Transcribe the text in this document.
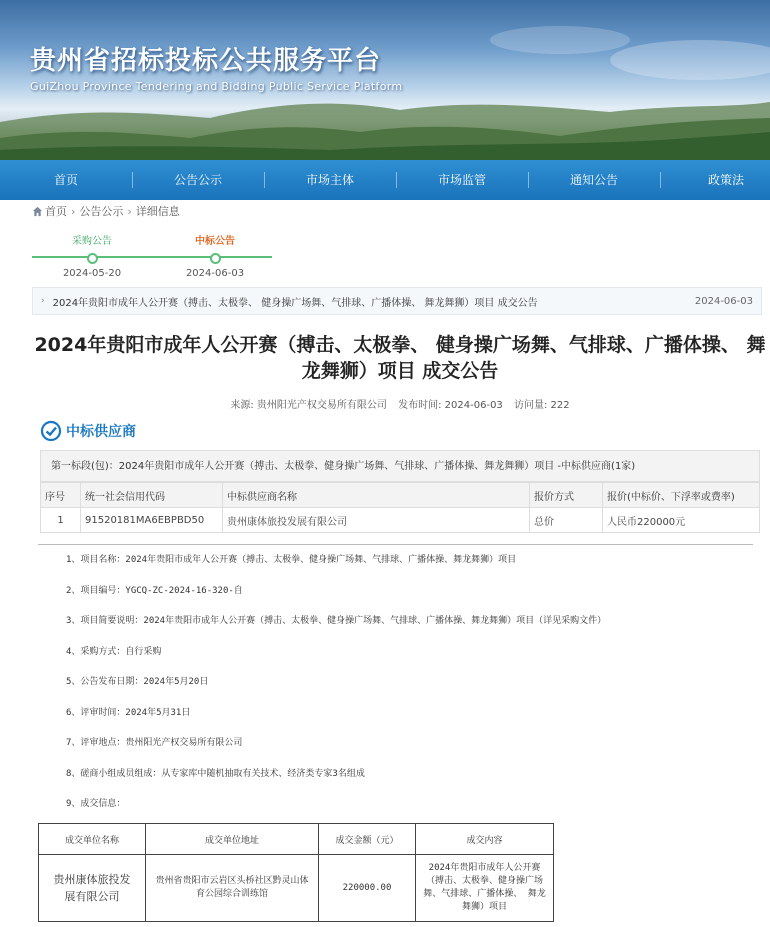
贵州省招标投标公共服务平台
GuiZhou Province Tendering and Bidding Public Service Platform
首页	公告公示	市场主体	市场监管	通知公告	政策法
首页 › 公告公示 › 详细信息
采购公告
2024-05-20
中标公告
2024-06-03
› 2024年贵阳市成年人公开赛（搏击、太极拳、 健身操广场舞、气排球、广播体操、 舞龙舞狮）项目 成交公告	2024-06-03
2024年贵阳市成年人公开赛（搏击、太极拳、 健身操广场舞、气排球、广播体操、 舞龙舞狮）项目 成交公告
来源: 贵州阳光产权交易所有限公司 发布时间: 2024-06-03 访问量: 222
中标供应商
第一标段(包)：2024年贵阳市成年人公开赛（搏击、太极拳、健身操广场舞、气排球、广播体操、舞龙舞狮）项目 -中标供应商(1家)
序号	统一社会信用代码	中标供应商名称	报价方式	报价(中标价、下浮率或费率)
1	91520181MA6EBPBD50	贵州康体旅投发展有限公司	总价	人民币220000元

1、项目名称：2024年贵阳市成年人公开赛（搏击、太极拳、健身操广场舞、气排球、广播体操、舞龙舞狮）项目

2、项目编号：YGCQ-ZC-2024-16-320-自

3、项目简要说明：2024年贵阳市成年人公开赛（搏击、太极拳、健身操广场舞、气排球、广播体操、舞龙舞狮）项目（详见采购文件）

4、采购方式：自行采购

5、公告发布日期：2024年5月20日

6、评审时间：2024年5月31日

7、评审地点：贵州阳光产权交易所有限公司

8、磋商小组成员组成：从专家库中随机抽取有关技术、经济类专家3名组成

9、成交信息：

成交单位名称	成交单位地址	成交金额（元）	成交内容

贵州康体旅投发展有限公司	贵州省贵阳市云岩区头桥社区黔灵山体育公园综合训练馆	220000.00	2024年贵阳市成年人公开赛（搏击、太极拳、健身操广场舞、气排球、广播体操、 舞龙舞狮）项目
